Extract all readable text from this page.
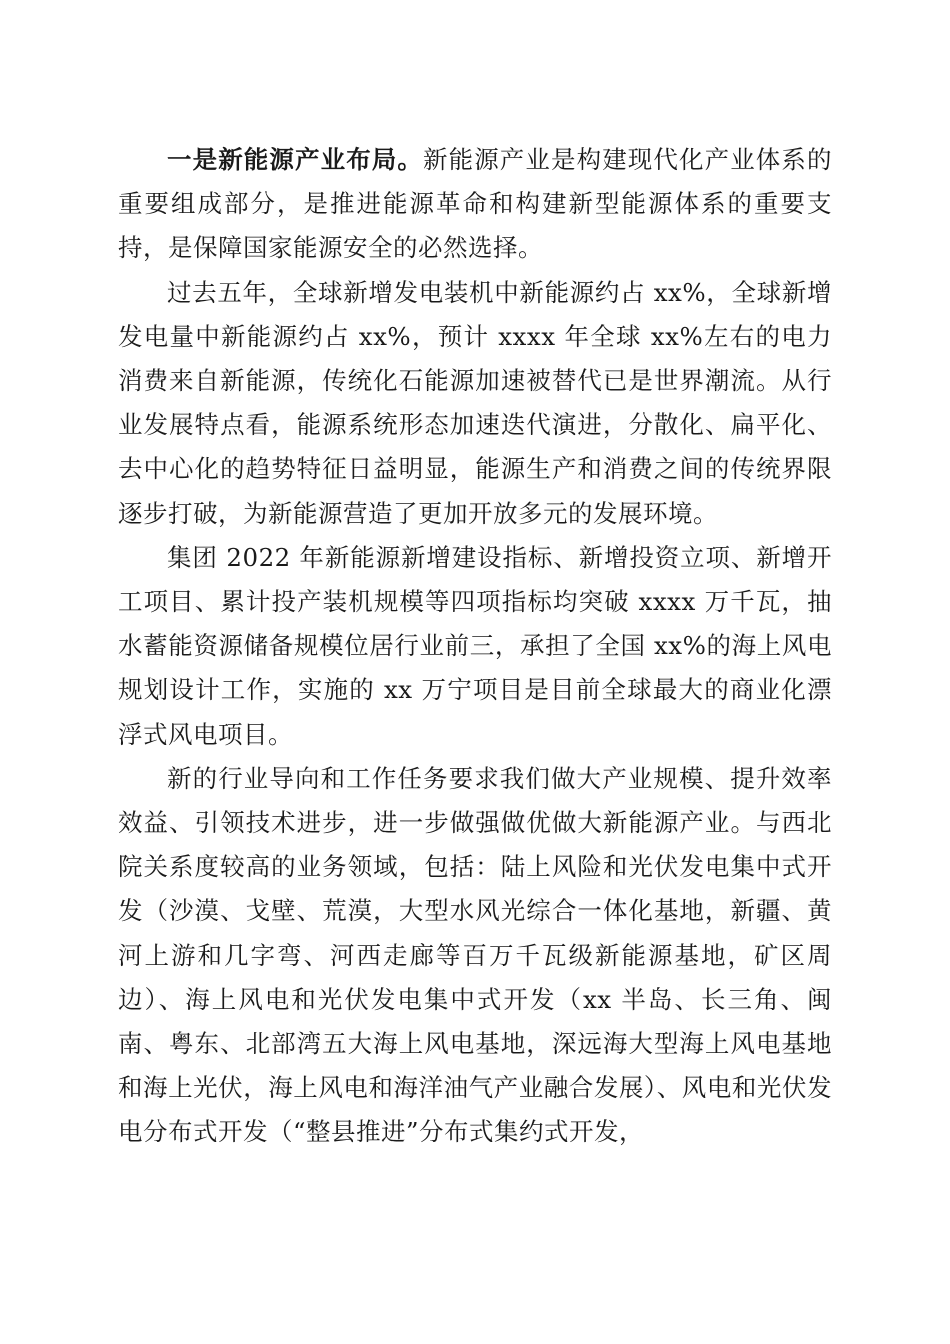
一是新能源产业布局。新能源产业是构建现代化产业体系的重要组成部分，是推进能源革命和构建新型能源体系的重要支持，是保障国家能源安全的必然选择。

过去五年，全球新增发电装机中新能源约占 xx%，全球新增发电量中新能源约占 xx%，预计 xxxx 年全球 xx%左右的电力消费来自新能源，传统化石能源加速被替代已是世界潮流。从行业发展特点看，能源系统形态加速迭代演进，分散化、扁平化、去中心化的趋势特征日益明显，能源生产和消费之间的传统界限逐步打破，为新能源营造了更加开放多元的发展环境。

集团 2022 年新能源新增建设指标、新增投资立项、新增开工项目、累计投产装机规模等四项指标均突破 xxxx 万千瓦，抽水蓄能资源储备规模位居行业前三，承担了全国 xx%的海上风电规划设计工作，实施的 xx 万宁项目是目前全球最大的商业化漂浮式风电项目。

新的行业导向和工作任务要求我们做大产业规模、提升效率效益、引领技术进步，进一步做强做优做大新能源产业。与西北院关系度较高的业务领域，包括：陆上风险和光伏发电集中式开发（沙漠、戈壁、荒漠，大型水风光综合一体化基地，新疆、黄河上游和几字弯、河西走廊等百万千瓦级新能源基地，矿区周边）、海上风电和光伏发电集中式开发（xx 半岛、长三角、闽南、粤东、北部湾五大海上风电基地，深远海大型海上风电基地和海上光伏，海上风电和海洋油气产业融合发展）、风电和光伏发电分布式开发（“整县推进”分布式集约式开发，
